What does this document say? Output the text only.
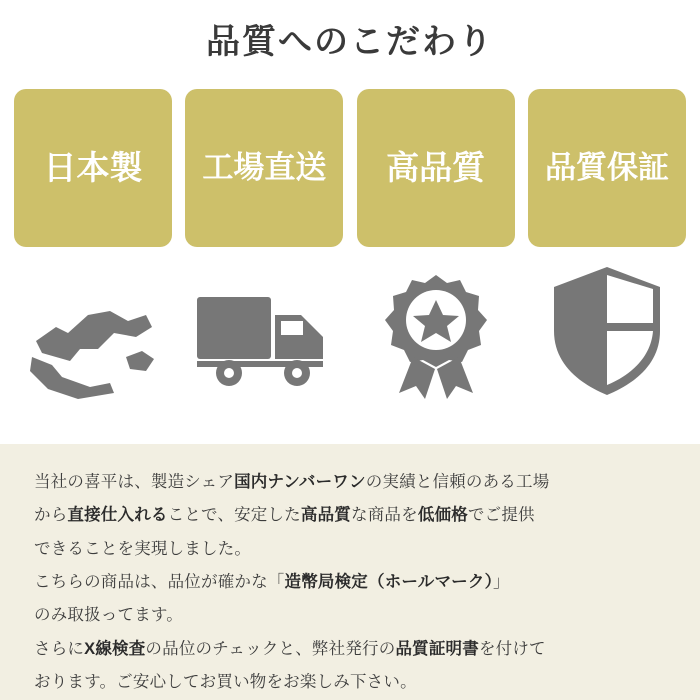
品質へのこだわり
日本製 工場直送 高品質 品質保証

当社の喜平は、製造シェア国内ナンバーワンの実績と信頼のある工場

から直接仕入れることで、安定した高品質な商品を低価格でご提供

できることを実現しました。

こちらの商品は、品位が確かな「造幣局検定（ホールマーク）」

のみ取扱ってます。

さらにX線検査の品位のチェックと、弊社発行の品質証明書を付けて

おります。ご安心してお買い物をお楽しみ下さい。
